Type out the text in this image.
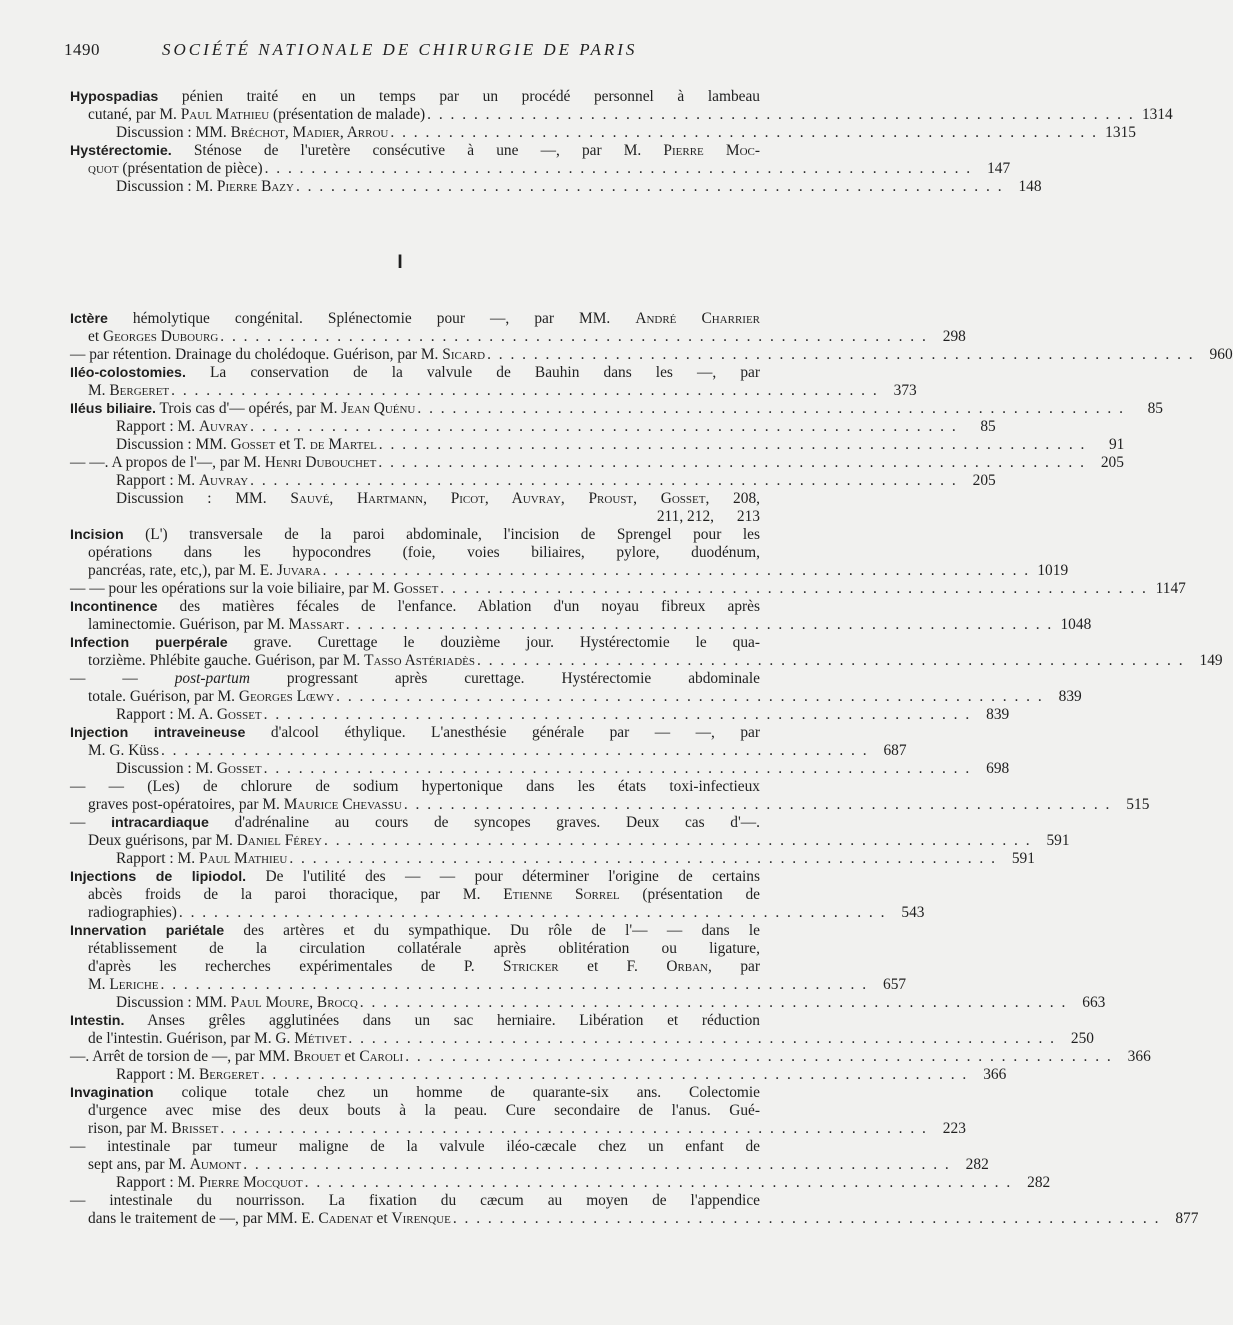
1490	SOCIÉTÉ NATIONALE DE CHIRURGIE DE PARIS
Hypospadias pénien traité en un temps par un procédé personnel à lambeau
cutané, par M. Paul Mathieu (présentation de malade) . . . . . . . . . . . . . . . . . . . . . . . . . . . . . . . . . . . . . . . . . . . . . . . . . . . . . . . . . . . . . 1314
Discussion : MM. Bréchot, Madier, Arrou . . . . . . . . . . . . . . . . . . . . . . . . . . . . . . . . . . . . . . . . . . . . . . . . . . . . . . . . . . . . . 1315
Hystérectomie. Sténose de l'uretère consécutive à une —, par M. Pierre Moc-
quot (présentation de pièce) . . . . . . . . . . . . . . . . . . . . . . . . . . . . . . . . . . . . . . . . . . . . . . . . . . . . . . . . . . . . . 147
Discussion : M. Pierre Bazy . . . . . . . . . . . . . . . . . . . . . . . . . . . . . . . . . . . . . . . . . . . . . . . . . . . . . . . . . . . . . 148
I
Ictère hémolytique congénital. Splénectomie pour —, par MM. André Charrier
et Georges Dubourg . . . . . . . . . . . . . . . . . . . . . . . . . . . . . . . . . . . . . . . . . . . . . . . . . . . . . . . . . . . . . 298
— par rétention. Drainage du cholédoque. Guérison, par M. Sicard . . . . . . . . . . . . . . . . . . . . . . . . . . . . . . . . . . . . . . . . . . . . . . . . . . . . . . . . . . . . . 960
Iléo-colostomies. La conservation de la valvule de Bauhin dans les —, par
M. Bergeret . . . . . . . . . . . . . . . . . . . . . . . . . . . . . . . . . . . . . . . . . . . . . . . . . . . . . . . . . . . . . 373
Iléus biliaire. Trois cas d'— opérés, par M. Jean Quénu . . . . . . . . . . . . . . . . . . . . . . . . . . . . . . . . . . . . . . . . . . . . . . . . . . . . . . . . . . . . .	85
Rapport : M. Auvray . . . . . . . . . . . . . . . . . . . . . . . . . . . . . . . . . . . . . . . . . . . . . . . . . . . . . . . . . . . . .	85
Discussion : MM. Gosset et T. de Martel . . . . . . . . . . . . . . . . . . . . . . . . . . . . . . . . . . . . . . . . . . . . . . . . . . . . . . . . . . . . .	91
— —. A propos de l'—, par M. Henri Dubouchet . . . . . . . . . . . . . . . . . . . . . . . . . . . . . . . . . . . . . . . . . . . . . . . . . . . . . . . . . . . . . 205
Rapport : M. Auvray . . . . . . . . . . . . . . . . . . . . . . . . . . . . . . . . . . . . . . . . . . . . . . . . . . . . . . . . . . . . . 205
Discussion : MM. Sauvé, Hartmann, Picot, Auvray, Proust, Gosset, 208,
211, 212, 213
Incision (L') transversale de la paroi abdominale, l'incision de Sprengel pour les
opérations dans les hypocondres (foie, voies biliaires, pylore, duodénum,
pancréas, rate, etc,), par M. E. Juvara . . . . . . . . . . . . . . . . . . . . . . . . . . . . . . . . . . . . . . . . . . . . . . . . . . . . . . . . . . . . . 1019
— — pour les opérations sur la voie biliaire, par M. Gosset . . . . . . . . . . . . . . . . . . . . . . . . . . . . . . . . . . . . . . . . . . . . . . . . . . . . . . . . . . . . . 1147
Incontinence des matières fécales de l'enfance. Ablation d'un noyau fibreux après
laminectomie. Guérison, par M. Massart . . . . . . . . . . . . . . . . . . . . . . . . . . . . . . . . . . . . . . . . . . . . . . . . . . . . . . . . . . . . . 1048
Infection puerpérale grave. Curettage le douzième jour. Hystérectomie le qua-
torzième. Phlébite gauche. Guérison, par M. Tasso Astériadès . . . . . . . . . . . . . . . . . . . . . . . . . . . . . . . . . . . . . . . . . . . . . . . . . . . . . . . . . . . . . 149
— — post-partum progressant après curettage. Hystérectomie abdominale
totale. Guérison, par M. Georges Lœwy . . . . . . . . . . . . . . . . . . . . . . . . . . . . . . . . . . . . . . . . . . . . . . . . . . . . . . . . . . . . . 839
Rapport : M. A. Gosset . . . . . . . . . . . . . . . . . . . . . . . . . . . . . . . . . . . . . . . . . . . . . . . . . . . . . . . . . . . . . 839
Injection intraveineuse d'alcool éthylique. L'anesthésie générale par — —, par
M. G. Küss . . . . . . . . . . . . . . . . . . . . . . . . . . . . . . . . . . . . . . . . . . . . . . . . . . . . . . . . . . . . . 687
Discussion : M. Gosset . . . . . . . . . . . . . . . . . . . . . . . . . . . . . . . . . . . . . . . . . . . . . . . . . . . . . . . . . . . . . 698
— — (Les) de chlorure de sodium hypertonique dans les états toxi-infectieux
graves post-opératoires, par M. Maurice Chevassu . . . . . . . . . . . . . . . . . . . . . . . . . . . . . . . . . . . . . . . . . . . . . . . . . . . . . . . . . . . . . 515
— intracardiaque d'adrénaline au cours de syncopes graves. Deux cas d'—.
Deux guérisons, par M. Daniel Férey . . . . . . . . . . . . . . . . . . . . . . . . . . . . . . . . . . . . . . . . . . . . . . . . . . . . . . . . . . . . . 591
Rapport : M. Paul Mathieu . . . . . . . . . . . . . . . . . . . . . . . . . . . . . . . . . . . . . . . . . . . . . . . . . . . . . . . . . . . . . 591
Injections de lipiodol. De l'utilité des — — pour déterminer l'origine de certains
abcès froids de la paroi thoracique, par M. Etienne Sorrel (présentation de
radiographies) . . . . . . . . . . . . . . . . . . . . . . . . . . . . . . . . . . . . . . . . . . . . . . . . . . . . . . . . . . . . . 543
Innervation pariétale des artères et du sympathique. Du rôle de l'— — dans le
rétablissement de la circulation collatérale après oblitération ou ligature,
d'après les recherches expérimentales de P. Stricker et F. Orban, par
M. Leriche . . . . . . . . . . . . . . . . . . . . . . . . . . . . . . . . . . . . . . . . . . . . . . . . . . . . . . . . . . . . . 657
Discussion : MM. Paul Moure, Brocq . . . . . . . . . . . . . . . . . . . . . . . . . . . . . . . . . . . . . . . . . . . . . . . . . . . . . . . . . . . . . 663
Intestin. Anses grêles agglutinées dans un sac herniaire. Libération et réduction
de l'intestin. Guérison, par M. G. Métivet . . . . . . . . . . . . . . . . . . . . . . . . . . . . . . . . . . . . . . . . . . . . . . . . . . . . . . . . . . . . . 250
—. Arrêt de torsion de —, par MM. Brouet et Caroli . . . . . . . . . . . . . . . . . . . . . . . . . . . . . . . . . . . . . . . . . . . . . . . . . . . . . . . . . . . . . 366
Rapport : M. Bergeret . . . . . . . . . . . . . . . . . . . . . . . . . . . . . . . . . . . . . . . . . . . . . . . . . . . . . . . . . . . . . 366
Invagination colique totale chez un homme de quarante-six ans. Colectomie
d'urgence avec mise des deux bouts à la peau. Cure secondaire de l'anus. Gué-
rison, par M. Brisset . . . . . . . . . . . . . . . . . . . . . . . . . . . . . . . . . . . . . . . . . . . . . . . . . . . . . . . . . . . . . 223
— intestinale par tumeur maligne de la valvule iléo-cæcale chez un enfant de
sept ans, par M. Aumont . . . . . . . . . . . . . . . . . . . . . . . . . . . . . . . . . . . . . . . . . . . . . . . . . . . . . . . . . . . . . 282
Rapport : M. Pierre Mocquot . . . . . . . . . . . . . . . . . . . . . . . . . . . . . . . . . . . . . . . . . . . . . . . . . . . . . . . . . . . . . 282
— intestinale du nourrisson. La fixation du cæcum au moyen de l'appendice
dans le traitement de —, par MM. E. Cadenat et Virenque . . . . . . . . . . . . . . . . . . . . . . . . . . . . . . . . . . . . . . . . . . . . . . . . . . . . . . . . . . . . . 877
